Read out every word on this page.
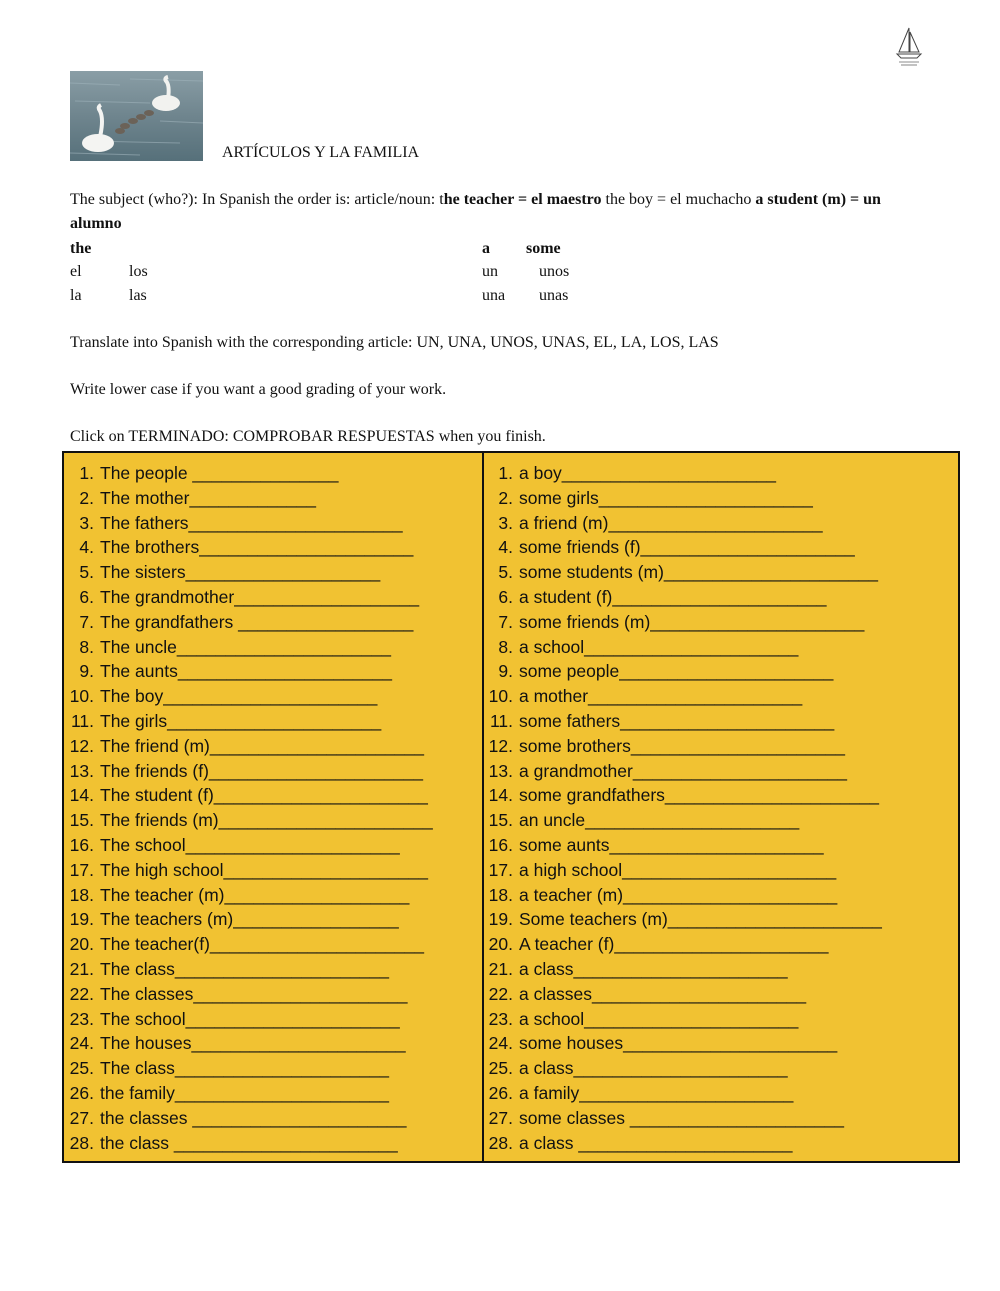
ARTÍCULOS Y LA FAMILIA
The subject (who?): In Spanish the order is: article/noun: the teacher = el maestro the boy = el muchacho a student (m) = un alumno
the	a some
el	los	un	unos
la	las	una unas
Translate into Spanish with the corresponding article: UN, UNA, UNOS, UNAS, EL, LA, LOS, LAS
Write lower case if you want a good grading of your work.
Click on TERMINADO: COMPROBAR RESPUESTAS when you finish.
1. The people _______________
2. The mother_____________
3. The fathers______________________
4. The brothers______________________
5. The sisters____________________
6. The grandmother___________________
7. The grandfathers __________________
8. The uncle______________________
9. The aunts______________________
10. The boy______________________
11. The girls______________________
12. The friend (m)______________________
13. The friends (f)______________________
14. The student (f)______________________
15. The friends (m)______________________
16. The school______________________
17. The high school_____________________
18. The teacher (m)___________________
19. The teachers (m)_________________
20. The teacher(f)______________________
21. The class______________________
22. The classes______________________
23. The school______________________
24. The houses______________________
25. The class______________________
26. the family______________________
27. the classes ______________________
28. the class _______________________
1. a boy______________________
2. some girls______________________
3. a friend (m)______________________
4. some friends (f)______________________
5. some students (m)______________________
6. a student (f)______________________
7. some friends (m)______________________
8. a school______________________
9. some people______________________
10. a mother______________________
11. some fathers______________________
12. some brothers______________________
13. a grandmother______________________
14. some grandfathers______________________
15. an uncle______________________
16. some aunts______________________
17. a high school______________________
18. a teacher (m)______________________
19. Some teachers (m)______________________
20. A teacher (f)______________________
21. a class______________________
22. a classes______________________
23. a school______________________
24. some houses______________________
25. a class______________________
26. a family______________________
27. some classes ______________________
28. a class ______________________
